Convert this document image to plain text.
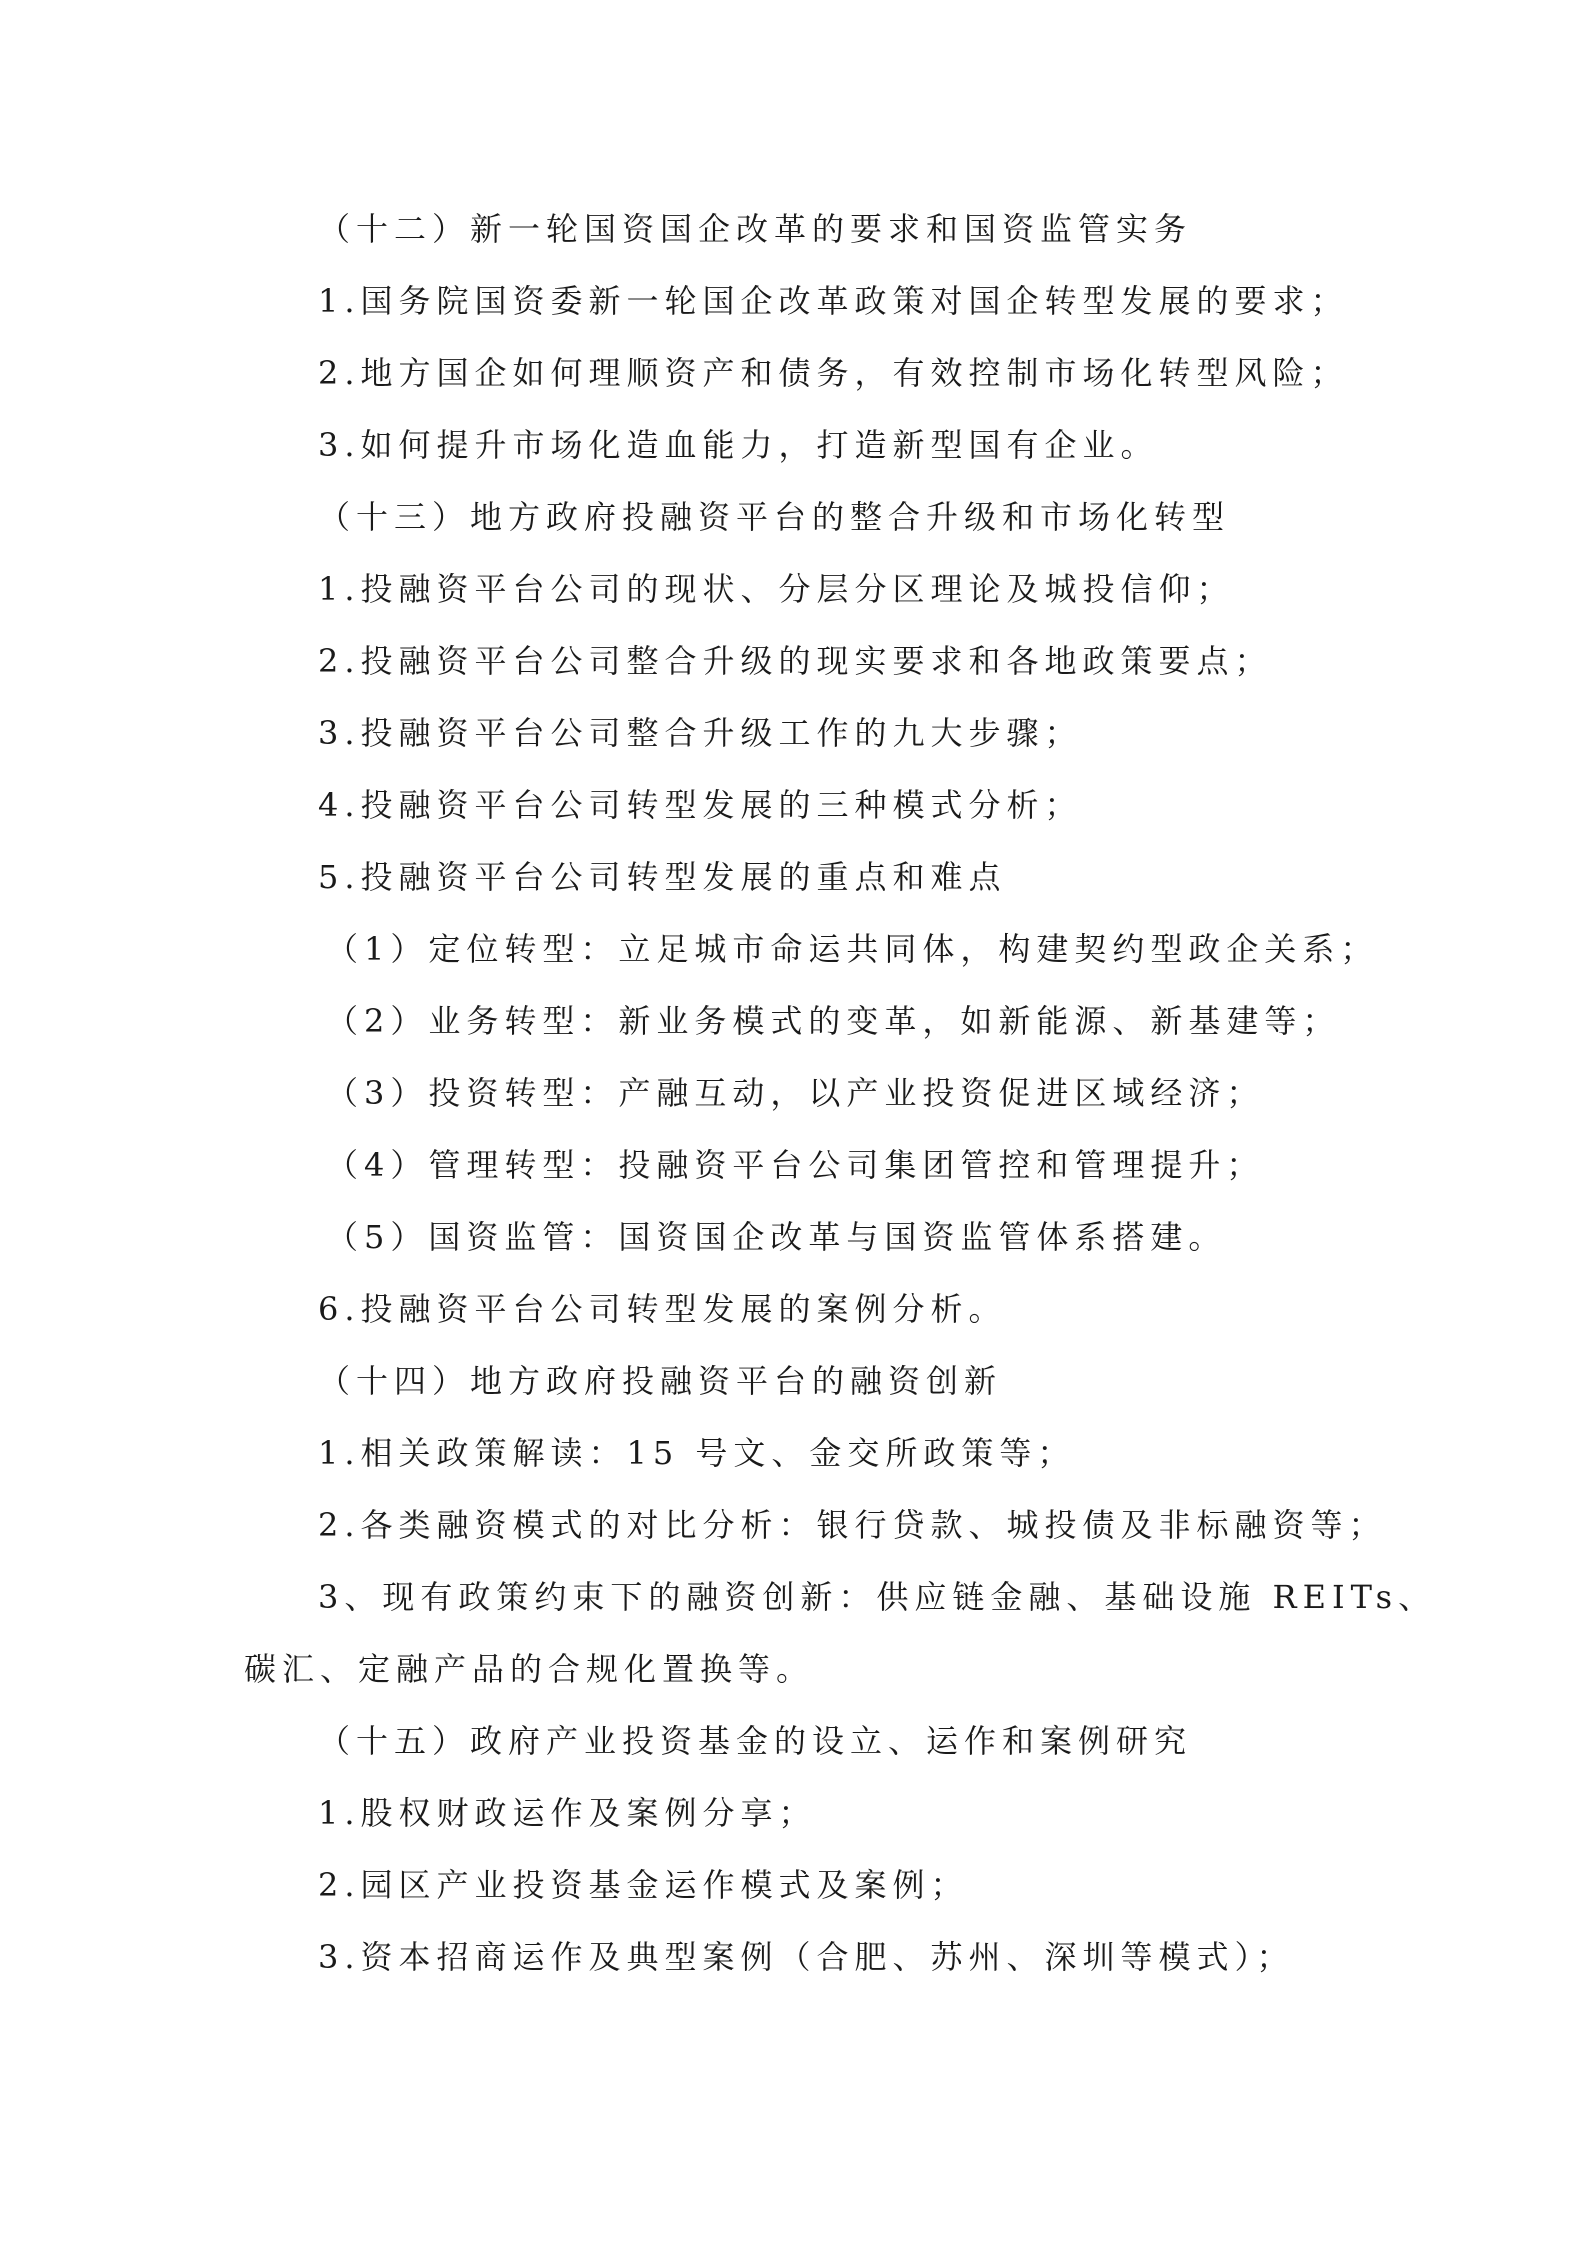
（十二）新一轮国资国企改革的要求和国资监管实务
1.国务院国资委新一轮国企改革政策对国企转型发展的要求；
2.地方国企如何理顺资产和债务，有效控制市场化转型风险；
3.如何提升市场化造血能力，打造新型国有企业。
（十三）地方政府投融资平台的整合升级和市场化转型
1.投融资平台公司的现状、分层分区理论及城投信仰；
2.投融资平台公司整合升级的现实要求和各地政策要点；
3.投融资平台公司整合升级工作的九大步骤；
4.投融资平台公司转型发展的三种模式分析；
5.投融资平台公司转型发展的重点和难点
（1）定位转型：立足城市命运共同体，构建契约型政企关系；
（2）业务转型：新业务模式的变革，如新能源、新基建等；
（3）投资转型：产融互动，以产业投资促进区域经济；
（4）管理转型：投融资平台公司集团管控和管理提升；
（5）国资监管：国资国企改革与国资监管体系搭建。
6.投融资平台公司转型发展的案例分析。
（十四）地方政府投融资平台的融资创新
1.相关政策解读：15 号文、金交所政策等；
2.各类融资模式的对比分析：银行贷款、城投债及非标融资等；
3、现有政策约束下的融资创新：供应链金融、基础设施 REITs、
碳汇、定融产品的合规化置换等。
（十五）政府产业投资基金的设立、运作和案例研究
1.股权财政运作及案例分享；
2.园区产业投资基金运作模式及案例；
3.资本招商运作及典型案例（合肥、苏州、深圳等模式）；
